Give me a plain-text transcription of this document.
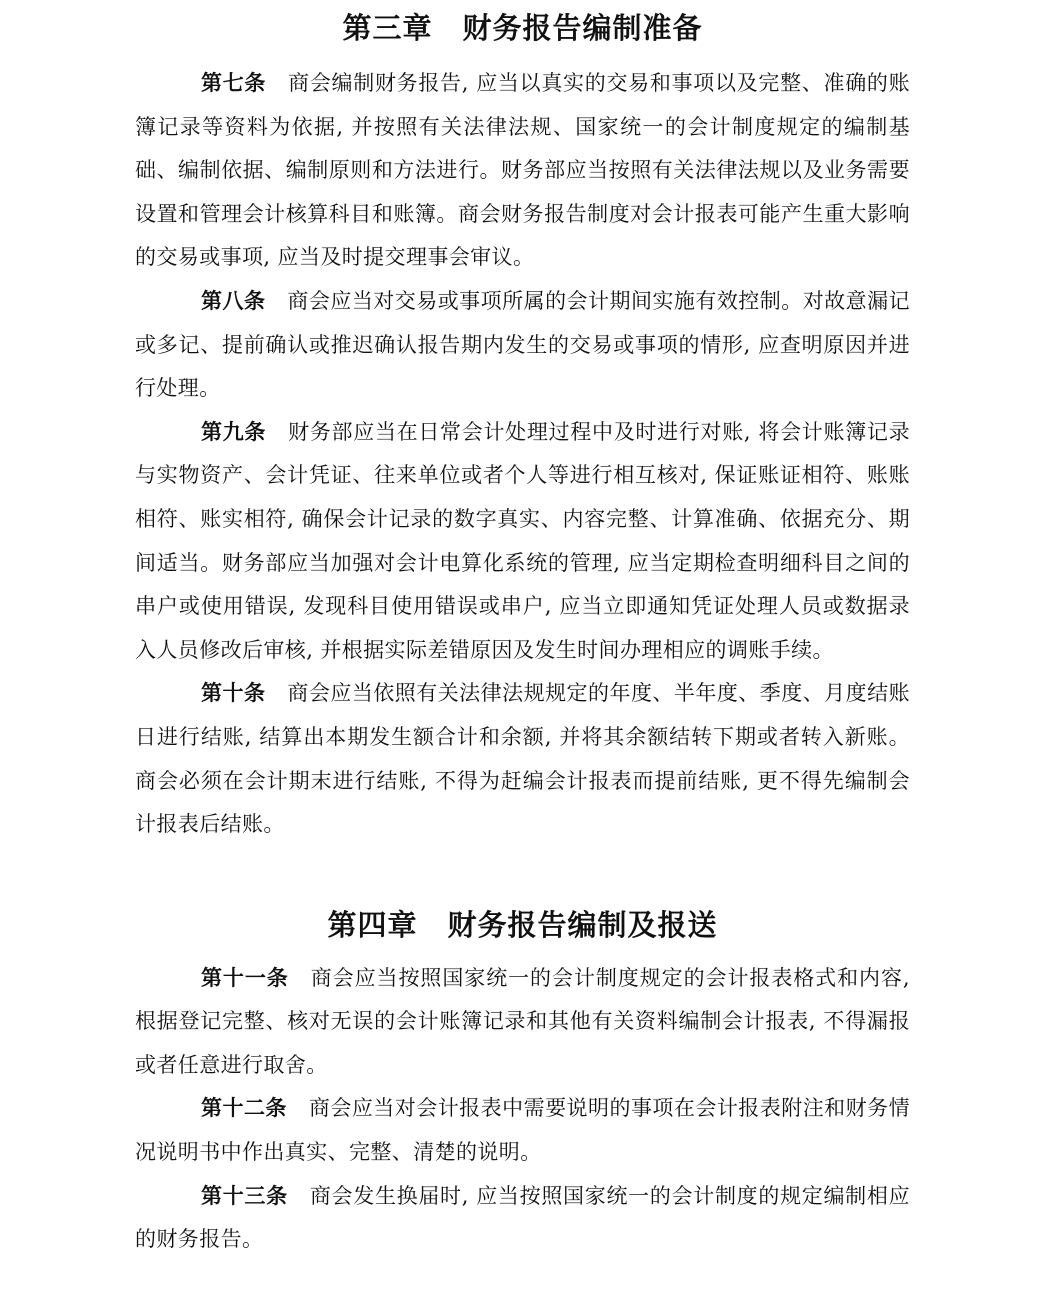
第三章　财务报告编制准备

第七条 商会编制财务报告, 应当以真实的交易和事项以及完整、准确的账簿记录等资料为依据, 并按照有关法律法规、国家统一的会计制度规定的编制基础、编制依据、编制原则和方法进行。财务部应当按照有关法律法规以及业务需要设置和管理会计核算科目和账簿。商会财务报告制度对会计报表可能产生重大影响的交易或事项, 应当及时提交理事会审议。

第八条 商会应当对交易或事项所属的会计期间实施有效控制。对故意漏记或多记、提前确认或推迟确认报告期内发生的交易或事项的情形, 应查明原因并进行处理。

第九条 财务部应当在日常会计处理过程中及时进行对账, 将会计账簿记录与实物资产、会计凭证、往来单位或者个人等进行相互核对, 保证账证相符、账账相符、账实相符, 确保会计记录的数字真实、内容完整、计算准确、依据充分、期间适当。财务部应当加强对会计电算化系统的管理, 应当定期检查明细科目之间的串户或使用错误, 发现科目使用错误或串户, 应当立即通知凭证处理人员或数据录入人员修改后审核, 并根据实际差错原因及发生时间办理相应的调账手续。

第十条 商会应当依照有关法律法规规定的年度、半年度、季度、月度结账日进行结账, 结算出本期发生额合计和余额, 并将其余额结转下期或者转入新账。商会必须在会计期末进行结账, 不得为赶编会计报表而提前结账, 更不得先编制会计报表后结账。

第四章　财务报告编制及报送

第十一条 商会应当按照国家统一的会计制度规定的会计报表格式和内容, 根据登记完整、核对无误的会计账簿记录和其他有关资料编制会计报表, 不得漏报或者任意进行取舍。

第十二条 商会应当对会计报表中需要说明的事项在会计报表附注和财务情况说明书中作出真实、完整、清楚的说明。

第十三条 商会发生换届时, 应当按照国家统一的会计制度的规定编制相应的财务报告。
